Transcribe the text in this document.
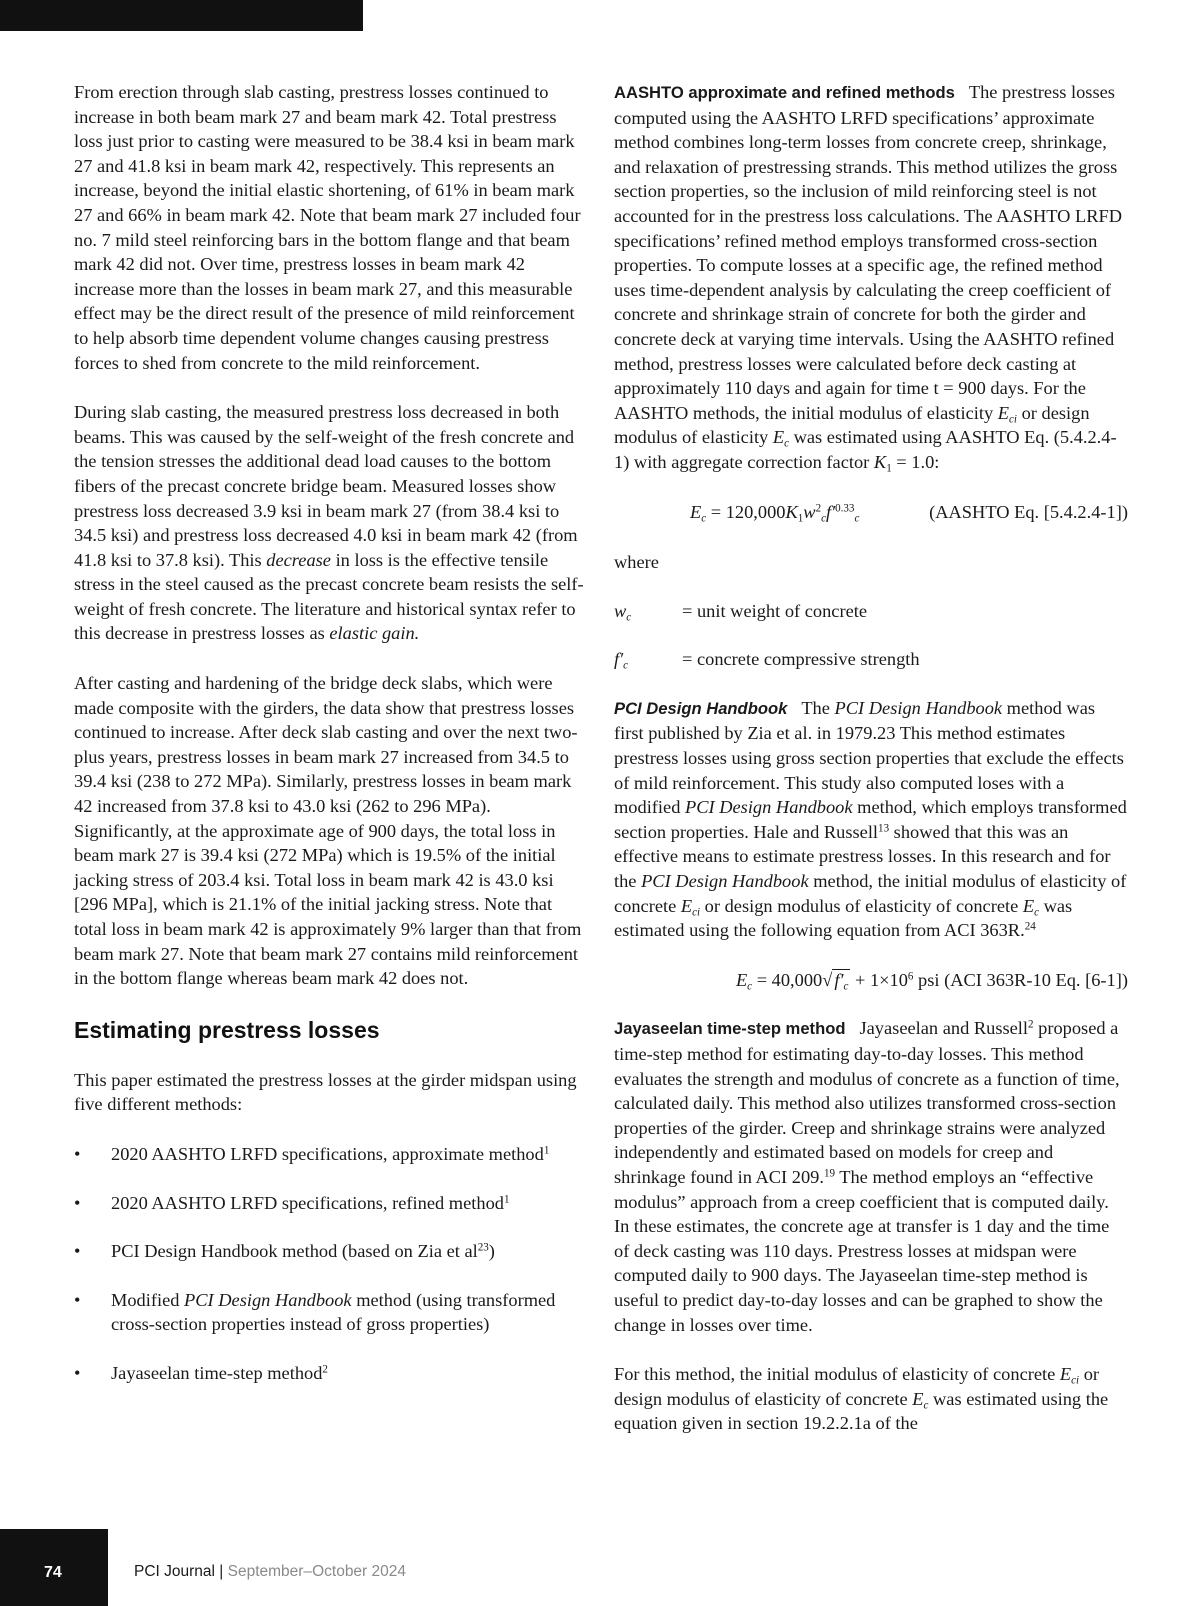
From erection through slab casting, prestress losses continued to increase in both beam mark 27 and beam mark 42. Total prestress loss just prior to casting were measured to be 38.4 ksi in beam mark 27 and 41.8 ksi in beam mark 42, respectively. This represents an increase, beyond the initial elastic shortening, of 61% in beam mark 27 and 66% in beam mark 42. Note that beam mark 27 included four no. 7 mild steel reinforcing bars in the bottom flange and that beam mark 42 did not. Over time, prestress losses in beam mark 42 increase more than the losses in beam mark 27, and this measurable effect may be the direct result of the presence of mild reinforcement to help absorb time dependent volume changes causing prestress forces to shed from concrete to the mild reinforcement.

During slab casting, the measured prestress loss decreased in both beams. This was caused by the self-weight of the fresh concrete and the tension stresses the additional dead load causes to the bottom fibers of the precast concrete bridge beam. Measured losses show prestress loss decreased 3.9 ksi in beam mark 27 (from 38.4 ksi to 34.5 ksi) and prestress loss decreased 4.0 ksi in beam mark 42 (from 41.8 ksi to 37.8 ksi). This decrease in loss is the effective tensile stress in the steel caused as the precast concrete beam resists the self-weight of fresh concrete. The literature and historical syntax refer to this decrease in prestress losses as elastic gain.

After casting and hardening of the bridge deck slabs, which were made composite with the girders, the data show that prestress losses continued to increase. After deck slab casting and over the next two-plus years, prestress losses in beam mark 27 increased from 34.5 to 39.4 ksi (238 to 272 MPa). Similarly, prestress losses in beam mark 42 increased from 37.8 ksi to 43.0 ksi (262 to 296 MPa). Significantly, at the approximate age of 900 days, the total loss in beam mark 27 is 39.4 ksi (272 MPa) which is 19.5% of the initial jacking stress of 203.4 ksi. Total loss in beam mark 42 is 43.0 ksi [296 MPa], which is 21.1% of the initial jacking stress. Note that total loss in beam mark 42 is approximately 9% larger than that from beam mark 27. Note that beam mark 27 contains mild reinforcement in the bottom flange whereas beam mark 42 does not.

Estimating prestress losses

This paper estimated the prestress losses at the girder midspan using five different methods:

• 2020 AASHTO LRFD specifications, approximate method$^1$
• 2020 AASHTO LRFD specifications, refined method$^1$
• PCI Design Handbook method (based on Zia et $al^{23}$)
• Modified PCI Design Handbook method (using transformed cross-section properties instead of gross properties)
• Jayaseelan time-step method$^2$

AASHTO approximate and refined methods The prestress losses computed using the AASHTO LRFD specifications’ approximate method combines long-term losses from concrete creep, shrinkage, and relaxation of prestressing strands. This method utilizes the gross section properties, so the inclusion of mild reinforcing steel is not accounted for in the prestress loss calculations. The AASHTO LRFD specifications’ refined method employs transformed cross-section properties. To compute losses at a specific age, the refined method uses time-dependent analysis by calculating the creep coefficient of concrete and shrinkage strain of concrete for both the girder and concrete deck at varying time intervals. Using the AASHTO refined method, prestress losses were calculated before deck casting at approximately 110 days and again for time t = 900 days. For the AASHTO methods, the initial modulus of elasticity $E_{ci}$ or design modulus of elasticity $E_c$ was estimated using AASHTO Eq. (5.4.2.4-1) with aggregate correction factor $K_1 = 1.0$:

$E_c = 120,000K_1w^2_cf'^{0.33}_c$	(AASHTO Eq. [5.4.2.4-1])
where
$w_c$	= unit weight of concrete
$f'_c$	= concrete compressive strength

PCI Design Handbook The PCI Design Handbook method was first published by Zia et al. in 1979.23 This method estimates prestress losses using gross section properties that exclude the effects of mild reinforcement. This study also computed loses with a modified PCI Design Handbook method, which employs transformed section properties. Hale and Russell$^{13}$ showed that this was an effective means to estimate prestress losses. In this research and for the PCI Design Handbook method, the initial modulus of elasticity of concrete $E_{ci}$ or design modulus of elasticity of concrete $E_c$ was estimated using the following equation from ACI 363R.$^{24}$

$E_c = 40,000√$ $f'_c + 1\times 10^6$ psi (ACI 363R-10 Eq. [6-1])

Jayaseelan time-step method Jayaseelan and Russell$^2$ proposed a time-step method for estimating day-to-day losses. This method evaluates the strength and modulus of concrete as a function of time, calculated daily. This method also utilizes transformed cross-section properties of the girder. Creep and shrinkage strains were analyzed independently and estimated based on models for creep and shrinkage found in ACI 209.19 The method employs an “effective modulus” approach from a creep coefficient that is computed daily. In these estimates, the concrete age at transfer is 1 day and the time of deck casting was 110 days. Prestress losses at midspan were computed daily to 900 days. The Jayaseelan time-step method is useful to predict day-to-day losses and can be graphed to show the change in losses over time.

For this method, the initial modulus of elasticity of concrete $E_{ci}$ or design modulus of elasticity of concrete $E_c$ was estimated using the equation given in section 19.2.2.1a of the

74	PCI Journal | September–October 2024
